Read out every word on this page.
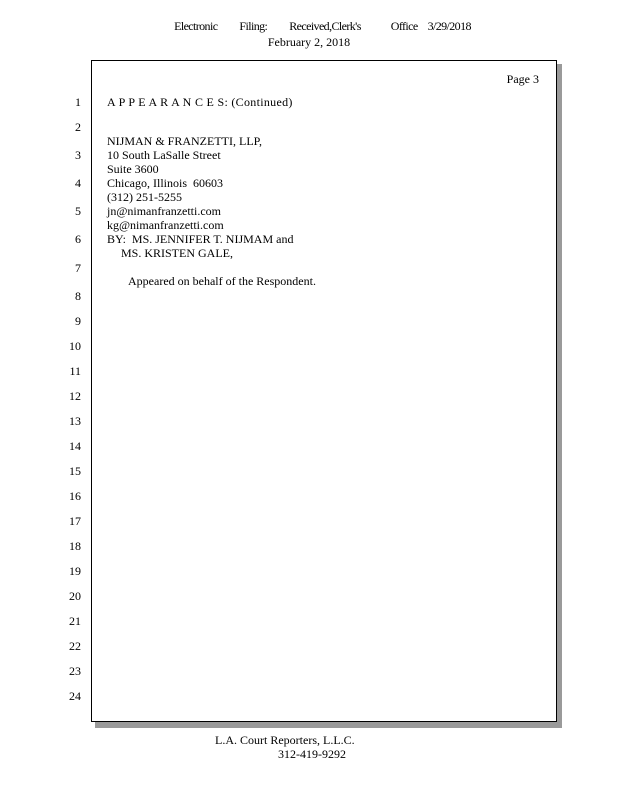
Electronic Filing: Received,Clerk's	Office 3/29/2018
February 2, 2018
Page 3
1
2
3
4
5
6
7
8
9
10
11
12
13
14
15
16
17
18
19
20
21
22
23
24
A P P E A R A N C E S: (Continued)
NIJMAN & FRANZETTI, LLP,
10 South LaSalle Street
Suite 3600
Chicago, Illinois  60603
(312) 251-5255
jn@nimanfranzetti.com
kg@nimanfranzetti.com
BY:  MS. JENNIFER T. NIJMAM and
MS. KRISTEN GALE,
Appeared on behalf of the Respondent.
L.A. Court Reporters, L.L.C.
312-419-9292
